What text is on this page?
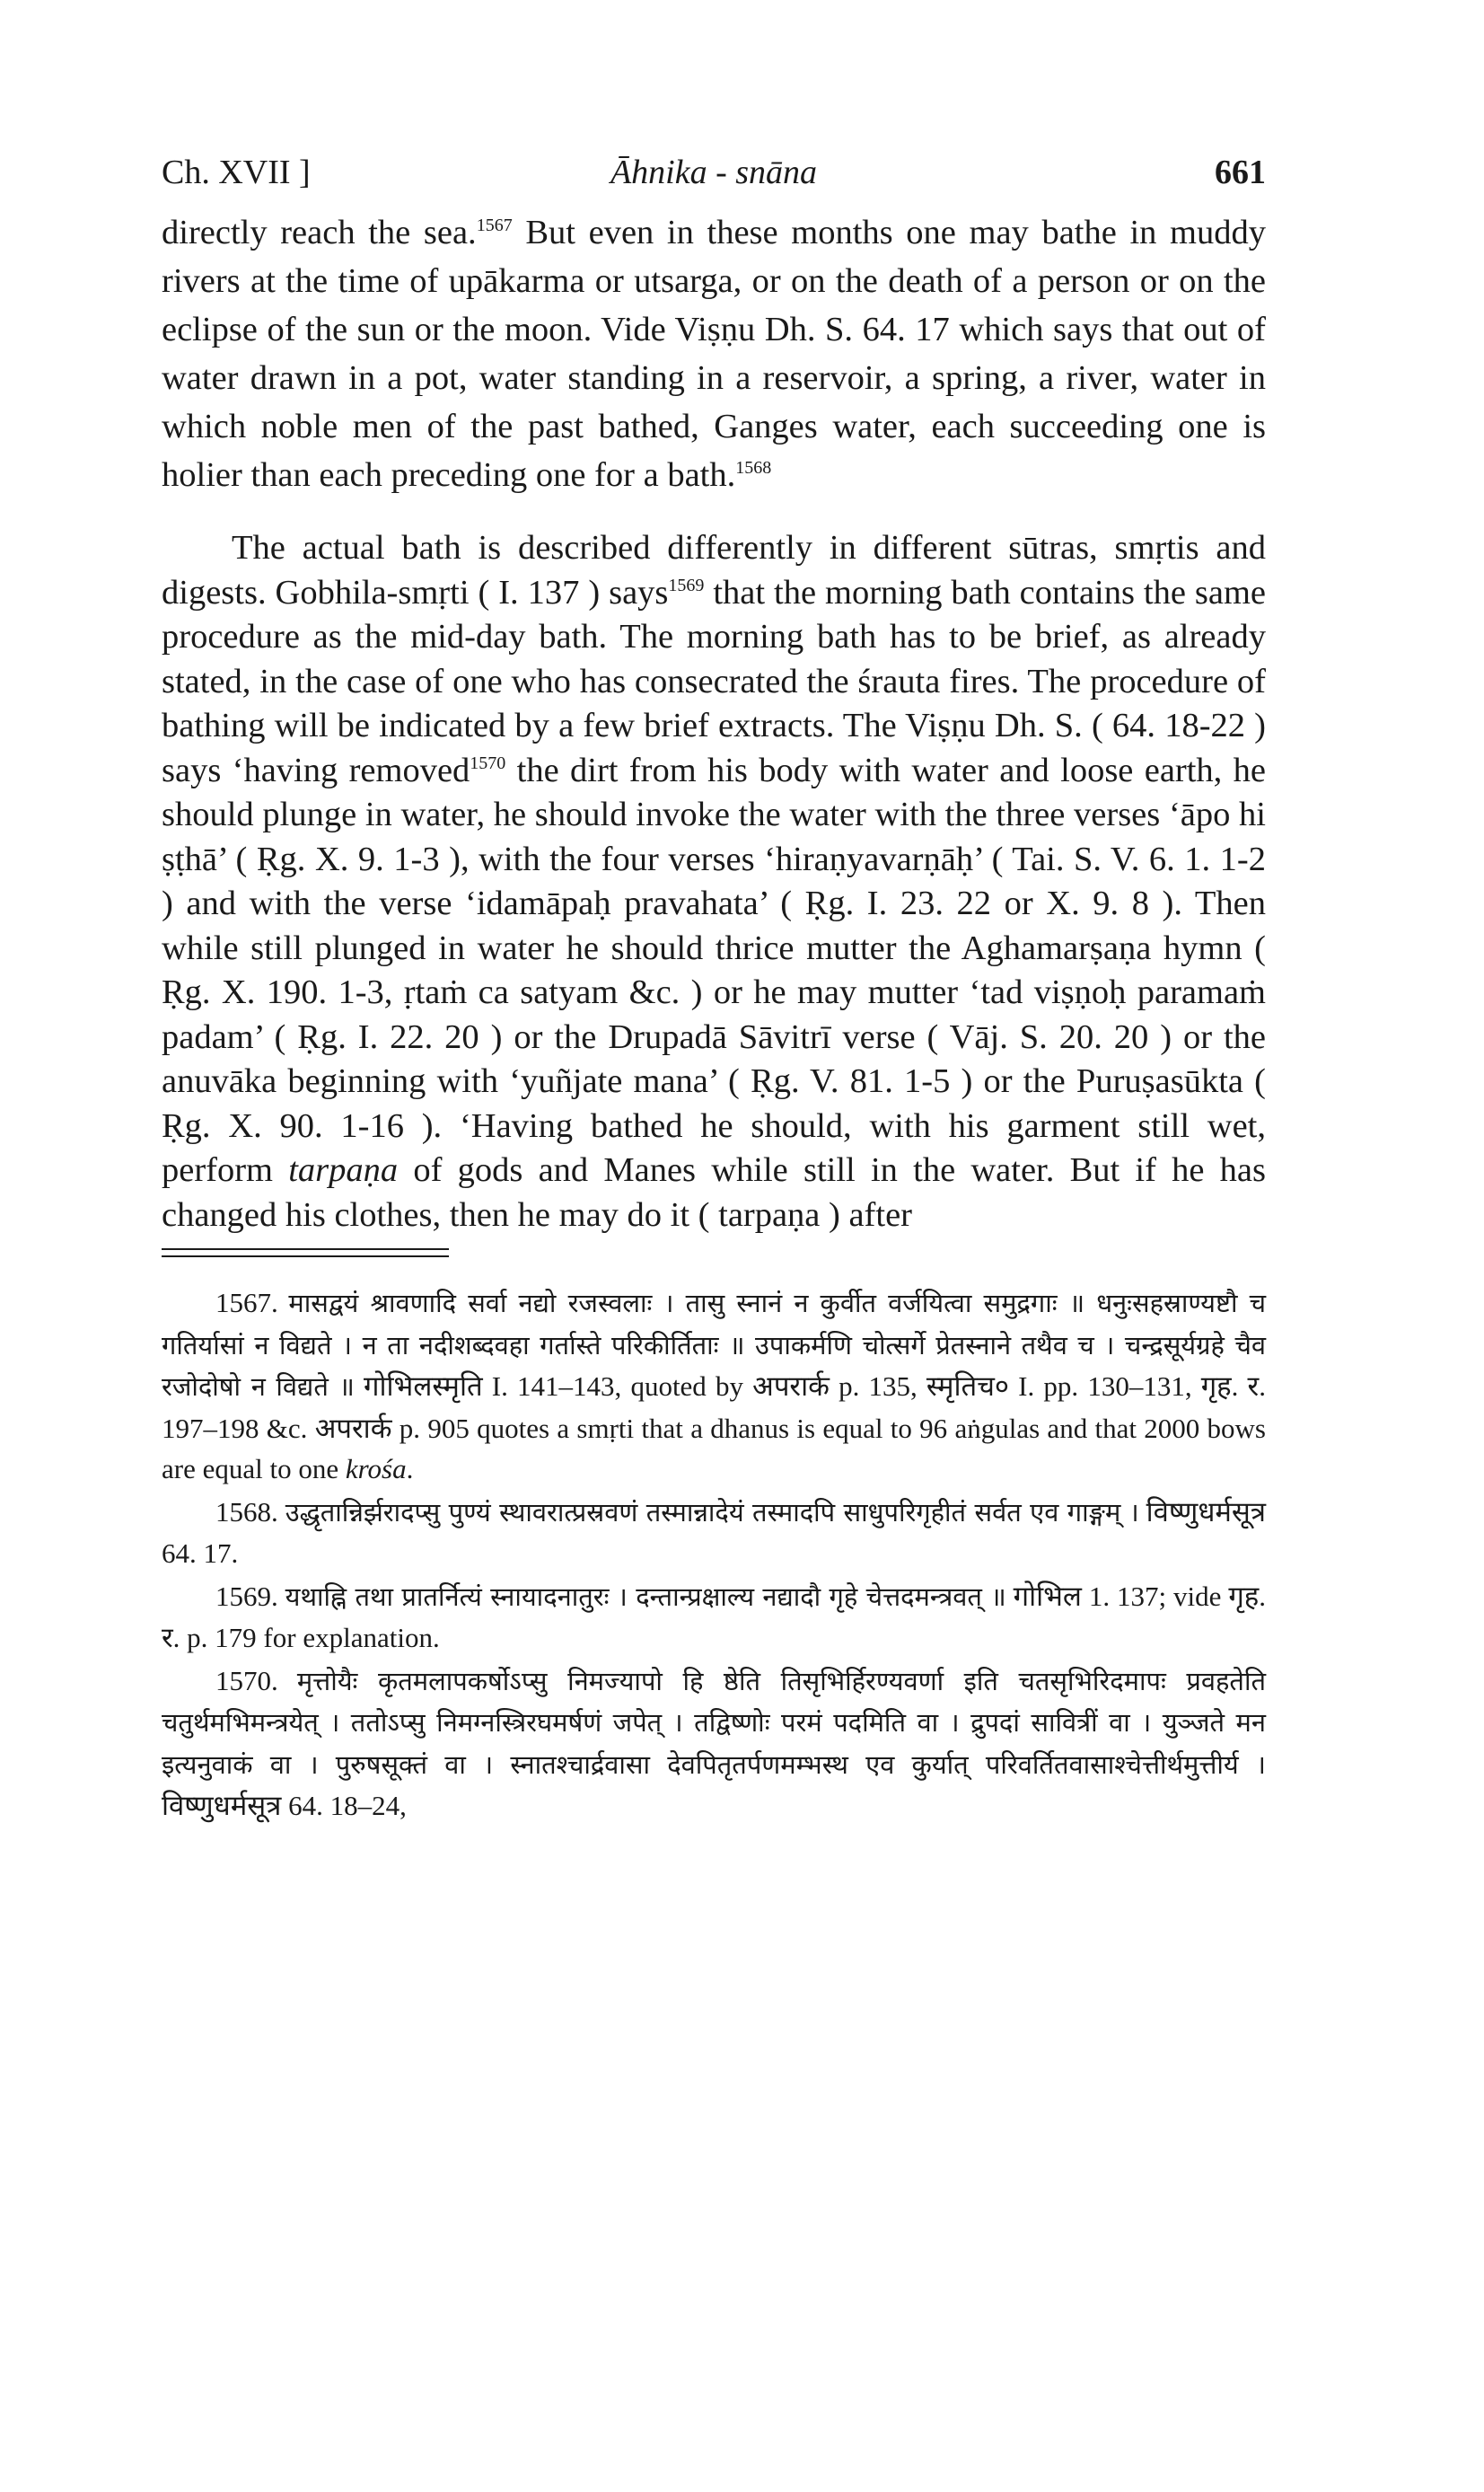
Ch. XVII ]	Āhnika - snāna	661

directly reach the sea.$^{1567}$ But even in these months one may bathe in muddy rivers at the time of upākarma or utsarga, or on the death of a person or on the eclipse of the sun or the moon. Vide Viṣṇu Dh. S. 64. 17 which says that out of water drawn in a pot, water standing in a reservoir, a spring, a river, water in which noble men of the past bathed, Ganges water, each succeeding one is holier than each preceding one for a bath.$^{1568}$

The actual bath is described differently in different sūtras, smṛtis and digests. Gobhila-smṛti ( I. 137 ) says$^{1569}$ that the morning bath contains the same procedure as the mid-day bath. The morning bath has to be brief, as already stated, in the case of one who has consecrated the śrauta fires. The procedure of bathing will be indicated by a few brief extracts. The Viṣṇu Dh. S. ( 64. 18-22 ) says ‘having removed$^{1570}$ the dirt from his body with water and loose earth, he should plunge in water, he should invoke the water with the three verses ‘āpo hi ṣṭhā’ ( Ṛg. X. 9. 1-3 ), with the four verses ‘hiraṇyavarṇāḥ’ ( Tai. S. V. 6. 1. 1-2 ) and with the verse ‘idamāpaḥ pravahata’ ( Ṛg. I. 23. 22 or X. 9. 8 ). Then while still plunged in water he should thrice mutter the Aghamarṣaṇa hymn ( Ṛg. X. 190. 1-3, ṛtaṁ ca satyam &c. ) or he may mutter ‘tad viṣṇoḥ paramaṁ padam’ ( Ṛg. I. 22. 20 ) or the Drupadā Sāvitrī verse ( Vāj. S. 20. 20 ) or the anuvāka beginning with ‘yuñjate mana’ ( Ṛg. V. 81. 1-5 ) or the Puruṣasūkta ( Ṛg. X. 90. 1-16 ). ‘Having bathed he should, with his garment still wet, perform tarpaṇa of gods and Manes while still in the water. But if he has changed his clothes, then he may do it ( tarpaṇa ) after

1567. मासद्वयं श्रावणादि सर्वा नद्यो रजस्वलाः । तासु स्नानं न कुर्वीत वर्जयित्वा समुद्रगाः ॥ धनुःसहस्राण्यष्टौ च गतिर्यासां न विद्यते । न ता नदीशब्दवहा गर्तास्ते परिकीर्तिताः ॥ उपाकर्मणि चोत्सर्गे प्रेतस्नाने तथैव च । चन्द्रसूर्यग्रहे चैव रजोदोषो न विद्यते ॥ गोभिलस्मृति I. 141–143, quoted by अपरार्क p. 135, स्मृतिच० I. pp. 130–131, गृह. र. 197–198 &c. अपरार्क p. 905 quotes a smṛti that a dhanus is equal to 96 aṅgulas and that 2000 bows are equal to one krośa.

1568. उद्धृतान्निर्झरादप्सु पुण्यं स्थावरात्प्रस्रवणं तस्मान्नादेयं तस्मादपि साधुपरिगृहीतं सर्वत एव गाङ्गम् । विष्णुधर्मसूत्र 64. 17.

1569. यथाह्नि तथा प्रातर्नित्यं स्नायादनातुरः । दन्तान्प्रक्षाल्य नद्यादौ गृहे चेत्तदमन्त्रवत् ॥ गोभिल 1. 137; vide गृह. र. p. 179 for explanation.

1570. मृत्तोयैः कृतमलापकर्षोऽप्सु निमज्यापो हि ष्ठेति तिसृभिर्हिरण्यवर्णा इति चतसृभिरिदमापः प्रवहतेति चतुर्थमभिमन्त्रयेत् । ततोऽप्सु निमग्नस्त्रिरघमर्षणं जपेत् । तद्विष्णोः परमं पदमिति वा । द्रुपदां सावित्रीं वा । युञ्जते मन इत्यनुवाकं वा । पुरुषसूक्तं वा । स्नातश्चार्द्रवासा देवपितृतर्पणमम्भस्थ एव कुर्यात् परिवर्तितवासाश्चेत्तीर्थमुत्तीर्य । विष्णुधर्मसूत्र 64. 18–24,
